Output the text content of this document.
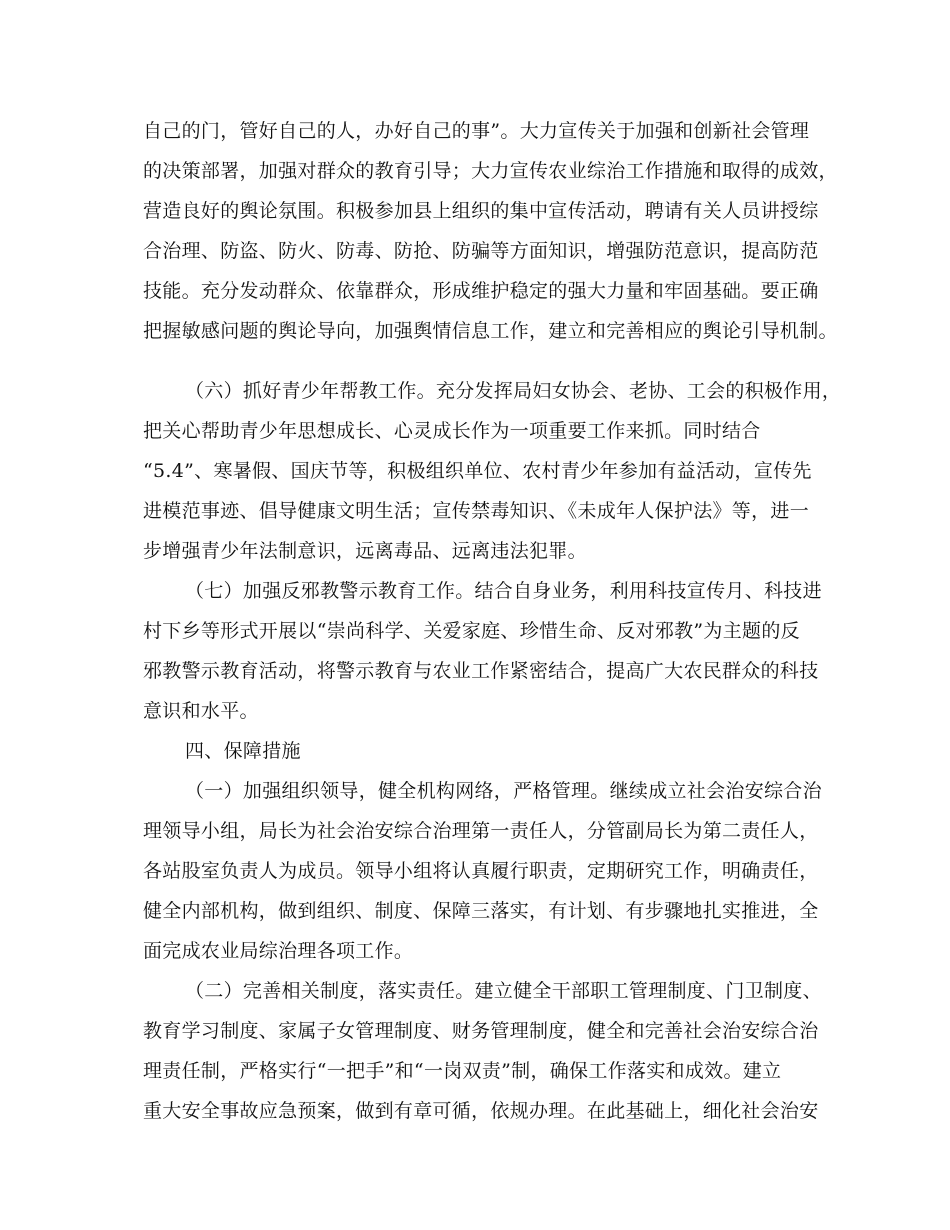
自己的门，管好自己的人，办好自己的事”。大力宣传关于加强和创新社会管理
的决策部署，加强对群众的教育引导；大力宣传农业综治工作措施和取得的成效，
营造良好的舆论氛围。积极参加县上组织的集中宣传活动，聘请有关人员讲授综
合治理、防盗、防火、防毒、防抢、防骗等方面知识，增强防范意识，提高防范
技能。充分发动群众、依靠群众，形成维护稳定的强大力量和牢固基础。要正确
把握敏感问题的舆论导向，加强舆情信息工作，建立和完善相应的舆论引导机制。
（六）抓好青少年帮教工作。充分发挥局妇女协会、老协、工会的积极作用，
把关心帮助青少年思想成长、心灵成长作为一项重要工作来抓。同时结合
“5.4”、寒暑假、国庆节等，积极组织单位、农村青少年参加有益活动，宣传先
进模范事迹、倡导健康文明生活；宣传禁毒知识、《未成年人保护法》等，进一
步增强青少年法制意识，远离毒品、远离违法犯罪。
（七）加强反邪教警示教育工作。结合自身业务，利用科技宣传月、科技进
村下乡等形式开展以“崇尚科学、关爱家庭、珍惜生命、反对邪教”为主题的反
邪教警示教育活动，将警示教育与农业工作紧密结合，提高广大农民群众的科技
意识和水平。
四、保障措施
（一）加强组织领导，健全机构网络，严格管理。继续成立社会治安综合治
理领导小组，局长为社会治安综合治理第一责任人，分管副局长为第二责任人，
各站股室负责人为成员。领导小组将认真履行职责，定期研究工作，明确责任，
健全内部机构，做到组织、制度、保障三落实，有计划、有步骤地扎实推进，全
面完成农业局综治理各项工作。
（二）完善相关制度，落实责任。建立健全干部职工管理制度、门卫制度、
教育学习制度、家属子女管理制度、财务管理制度，健全和完善社会治安综合治
理责任制，严格实行“一把手”和“一岗双责”制，确保工作落实和成效。建立
重大安全事故应急预案，做到有章可循，依规办理。在此基础上，细化社会治安
